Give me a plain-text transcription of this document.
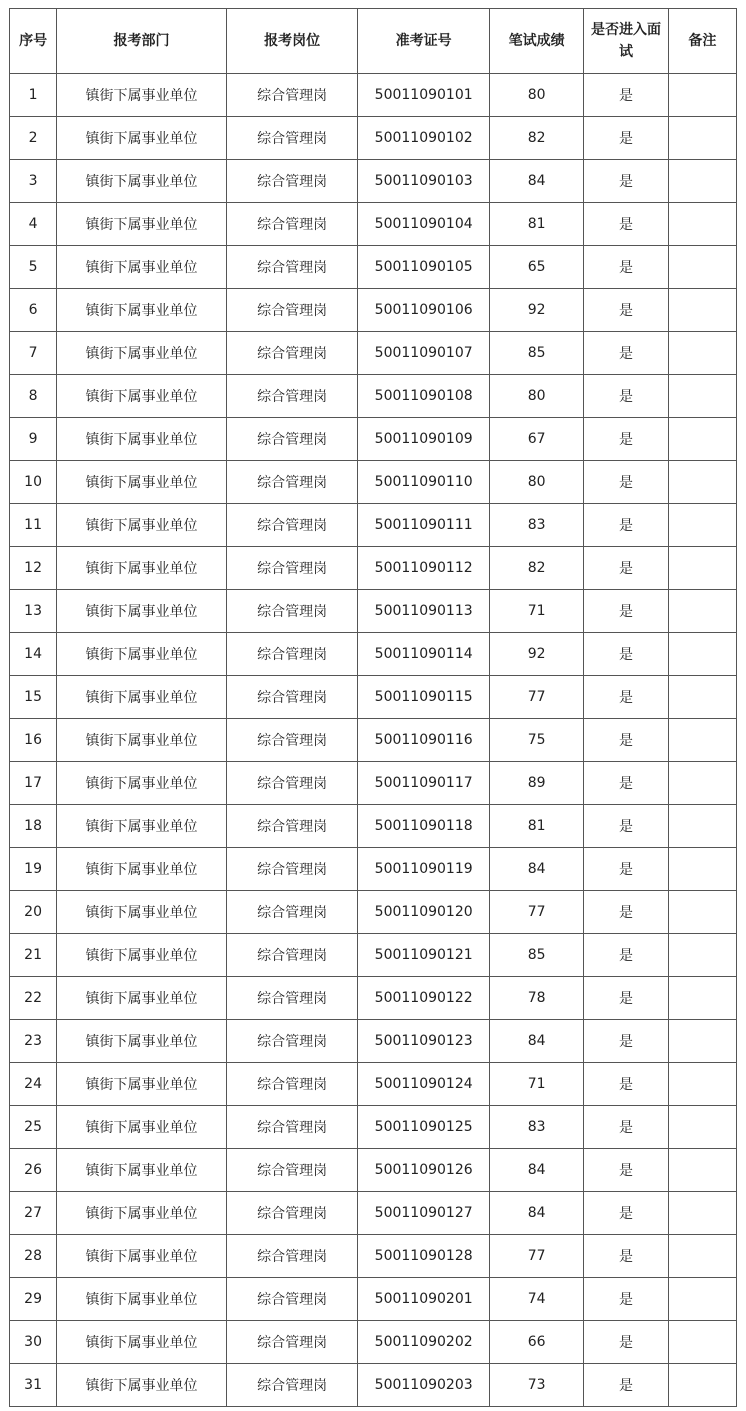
序号	报考部门	报考岗位	准考证号	笔试成绩	是否进入面试	备注
1	镇街下属事业单位	综合管理岗	50011090101	80	是	
2	镇街下属事业单位	综合管理岗	50011090102	82	是	
3	镇街下属事业单位	综合管理岗	50011090103	84	是	
4	镇街下属事业单位	综合管理岗	50011090104	81	是	
5	镇街下属事业单位	综合管理岗	50011090105	65	是	
6	镇街下属事业单位	综合管理岗	50011090106	92	是	
7	镇街下属事业单位	综合管理岗	50011090107	85	是	
8	镇街下属事业单位	综合管理岗	50011090108	80	是	
9	镇街下属事业单位	综合管理岗	50011090109	67	是	
10	镇街下属事业单位	综合管理岗	50011090110	80	是	
11	镇街下属事业单位	综合管理岗	50011090111	83	是	
12	镇街下属事业单位	综合管理岗	50011090112	82	是	
13	镇街下属事业单位	综合管理岗	50011090113	71	是	
14	镇街下属事业单位	综合管理岗	50011090114	92	是	
15	镇街下属事业单位	综合管理岗	50011090115	77	是	
16	镇街下属事业单位	综合管理岗	50011090116	75	是	
17	镇街下属事业单位	综合管理岗	50011090117	89	是	
18	镇街下属事业单位	综合管理岗	50011090118	81	是	
19	镇街下属事业单位	综合管理岗	50011090119	84	是	
20	镇街下属事业单位	综合管理岗	50011090120	77	是	
21	镇街下属事业单位	综合管理岗	50011090121	85	是	
22	镇街下属事业单位	综合管理岗	50011090122	78	是	
23	镇街下属事业单位	综合管理岗	50011090123	84	是	
24	镇街下属事业单位	综合管理岗	50011090124	71	是	
25	镇街下属事业单位	综合管理岗	50011090125	83	是	
26	镇街下属事业单位	综合管理岗	50011090126	84	是	
27	镇街下属事业单位	综合管理岗	50011090127	84	是	
28	镇街下属事业单位	综合管理岗	50011090128	77	是	
29	镇街下属事业单位	综合管理岗	50011090201	74	是	
30	镇街下属事业单位	综合管理岗	50011090202	66	是	
31	镇街下属事业单位	综合管理岗	50011090203	73	是	
